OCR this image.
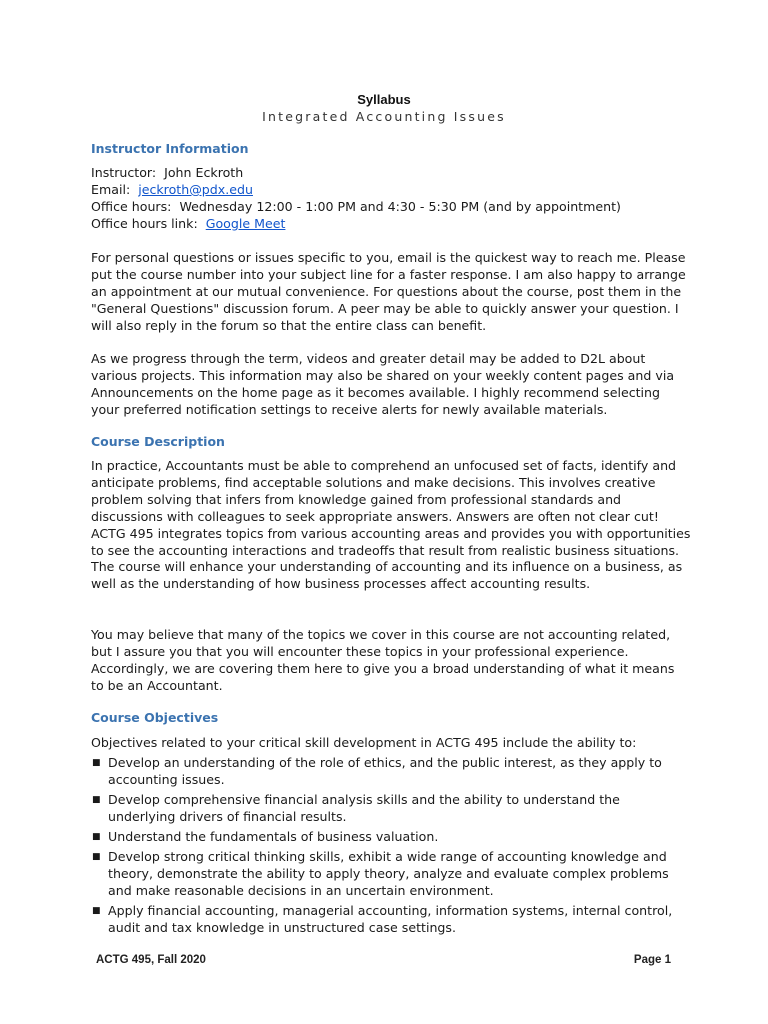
Syllabus
Integrated Accounting Issues
Instructor Information

Instructor: John Eckroth

Email: jeckroth@pdx.edu

Office hours: Wednesday 12:00 - 1:00 PM and 4:30 - 5:30 PM (and by appointment)

Office hours link: Google Meet

For personal questions or issues specific to you, email is the quickest way to reach me. Please put the course number into your subject line for a faster response. I am also happy to arrange an appointment at our mutual convenience. For questions about the course, post them in the "General Questions" discussion forum. A peer may be able to quickly answer your question. I will also reply in the forum so that the entire class can benefit.
As we progress through the term, videos and greater detail may be added to D2L about various projects. This information may also be shared on your weekly content pages and via Announcements on the home page as it becomes available. I highly recommend selecting your preferred notification settings to receive alerts for newly available materials.
Course Description
In practice, Accountants must be able to comprehend an unfocused set of facts, identify and anticipate problems, find acceptable solutions and make decisions. This involves creative problem solving that infers from knowledge gained from professional standards and discussions with colleagues to seek appropriate answers. Answers are often not clear cut! ACTG 495 integrates topics from various accounting areas and provides you with opportunities to see the accounting interactions and tradeoffs that result from realistic business situations. The course will enhance your understanding of accounting and its influence on a business, as well as the understanding of how business processes affect accounting results.
You may believe that many of the topics we cover in this course are not accounting related, but I assure you that you will encounter these topics in your professional experience. Accordingly, we are covering them here to give you a broad understanding of what it means to be an Accountant.
Course Objectives
Objectives related to your critical skill development in ACTG 495 include the ability to:
■ Develop an understanding of the role of ethics, and the public interest, as they apply to accounting issues.
■ Develop comprehensive financial analysis skills and the ability to understand the underlying drivers of financial results.
■ Understand the fundamentals of business valuation.
■ Develop strong critical thinking skills, exhibit a wide range of accounting knowledge and theory, demonstrate the ability to apply theory, analyze and evaluate complex problems and make reasonable decisions in an uncertain environment.
■ Apply financial accounting, managerial accounting, information systems, internal control, audit and tax knowledge in unstructured case settings.
ACTG 495, Fall 2020	Page 1
